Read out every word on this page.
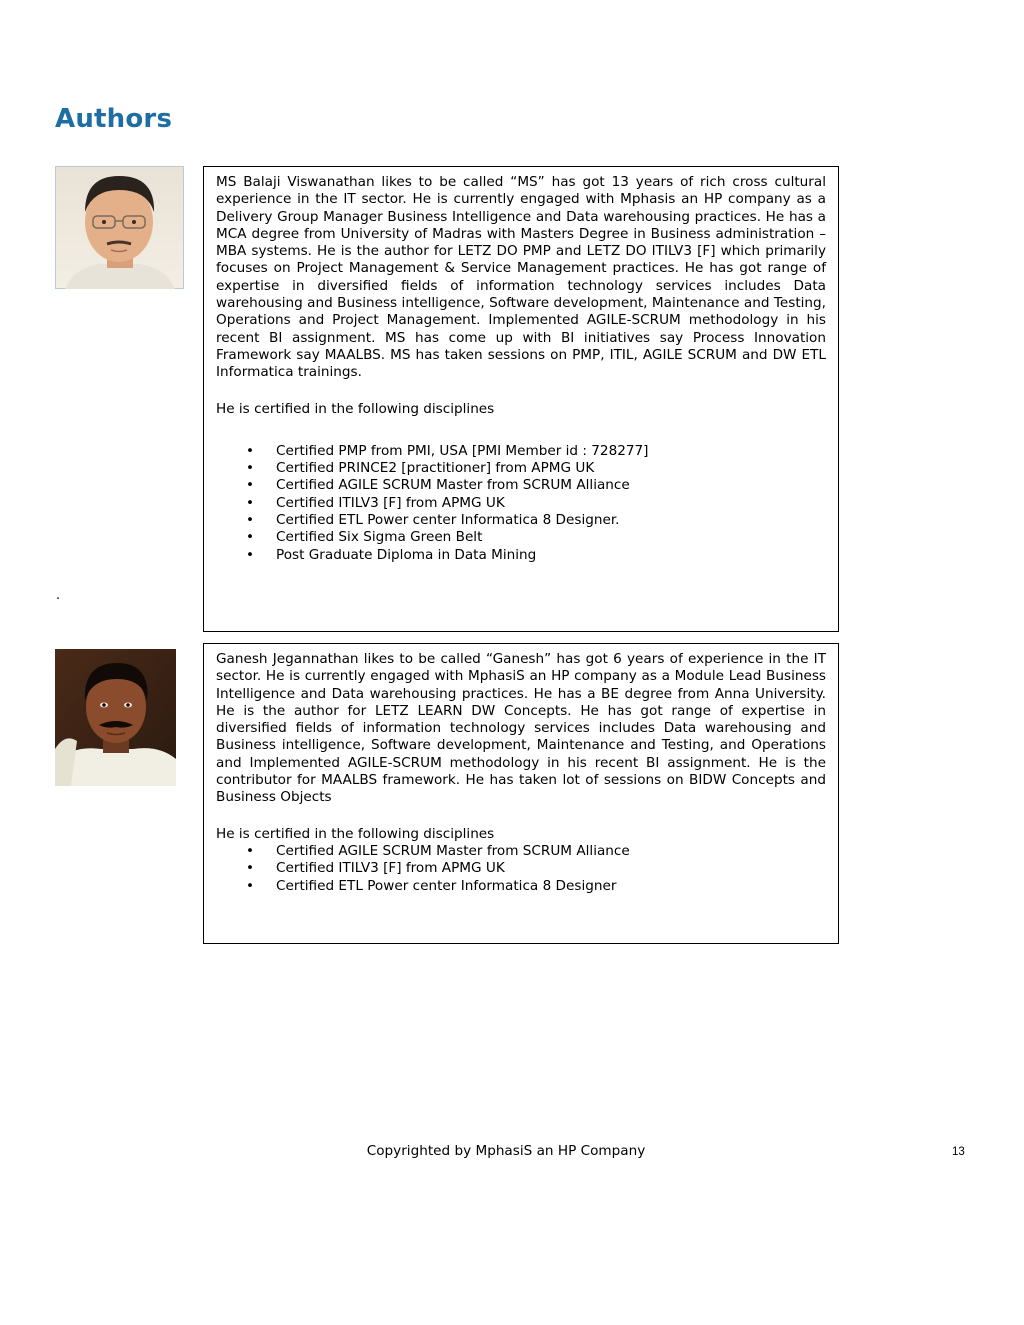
Authors

MS Balaji Viswanathan likes to be called “MS” has got 13 years of rich cross cultural experience in the IT sector. He is currently engaged with Mphasis an HP company as a Delivery Group Manager Business Intelligence and Data warehousing practices. He has a MCA degree from University of Madras with Masters Degree in Business administration – MBA systems. He is the author for LETZ DO PMP and LETZ DO ITILV3 [F] which primarily focuses on Project Management & Service Management practices. He has got range of expertise in diversified fields of information technology services includes Data warehousing and Business intelligence, Software development, Maintenance and Testing, Operations and Project Management. Implemented AGILE-SCRUM methodology in his recent BI assignment. MS has come up with BI initiatives say Process Innovation Framework say MAALBS. MS has taken sessions on PMP, ITIL, AGILE SCRUM and DW ETL Informatica trainings.

He is certified in the following disciplines

• Certified PMP from PMI, USA [PMI Member id : 728277]
• Certified PRINCE2 [practitioner] from APMG UK
• Certified AGILE SCRUM Master from SCRUM Alliance
• Certified ITILV3 [F] from APMG UK
• Certified ETL Power center Informatica 8 Designer.
• Certified Six Sigma Green Belt
• Post Graduate Diploma in Data Mining
.

Ganesh Jegannathan likes to be called “Ganesh” has got 6 years of experience in the IT sector. He is currently engaged with MphasiS an HP company as a Module Lead Business Intelligence and Data warehousing practices. He has a BE degree from Anna University. He is the author for LETZ LEARN DW Concepts. He has got range of expertise in diversified fields of information technology services includes Data warehousing and Business intelligence, Software development, Maintenance and Testing, and Operations and Implemented AGILE-SCRUM methodology in his recent BI assignment. He is the contributor for MAALBS framework. He has taken lot of sessions on BIDW Concepts and Business Objects

He is certified in the following disciplines

• Certified AGILE SCRUM Master from SCRUM Alliance
• Certified ITILV3 [F] from APMG UK
• Certified ETL Power center Informatica 8 Designer
Copyrighted by MphasiS an HP Company	13
